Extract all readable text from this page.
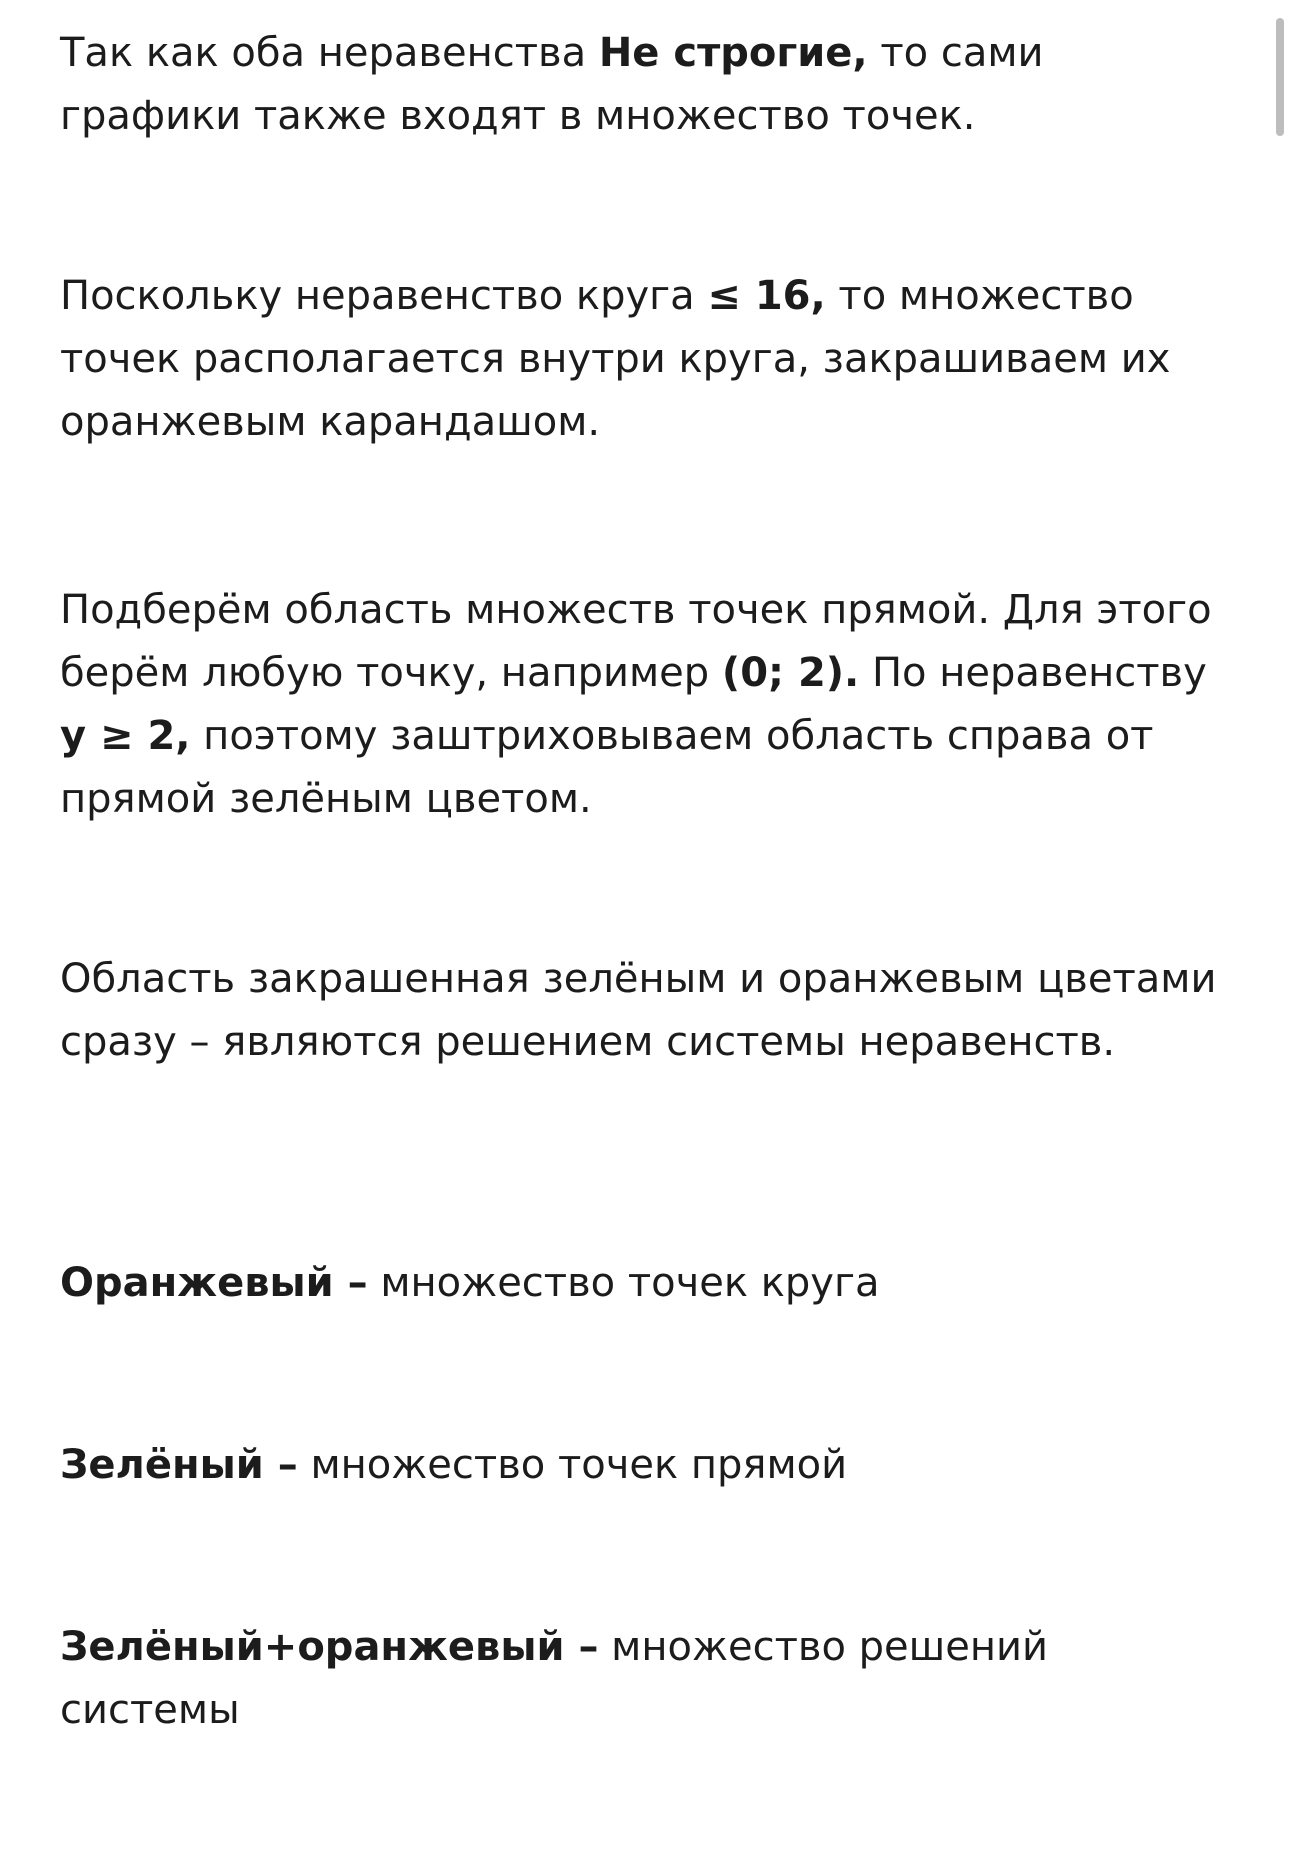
Так как оба неравенства Не строгие, то сами графики также входят в множество точек.

Поскольку неравенство круга ≤ 16, то множество точек располагается внутри круга, закрашиваем их оранжевым карандашом.

Подберём область множеств точек прямой. Для этого берём любую точку, например (0; 2). По неравенству y ≥ 2, поэтому заштриховываем область справа от прямой зелёным цветом.

Область закрашенная зелёным и оранжевым цветами сразу – являются решением системы неравенств.

Оранжевый – множество точек круга

Зелёный – множество точек прямой

Зелёный+оранжевый – множество решений системы
